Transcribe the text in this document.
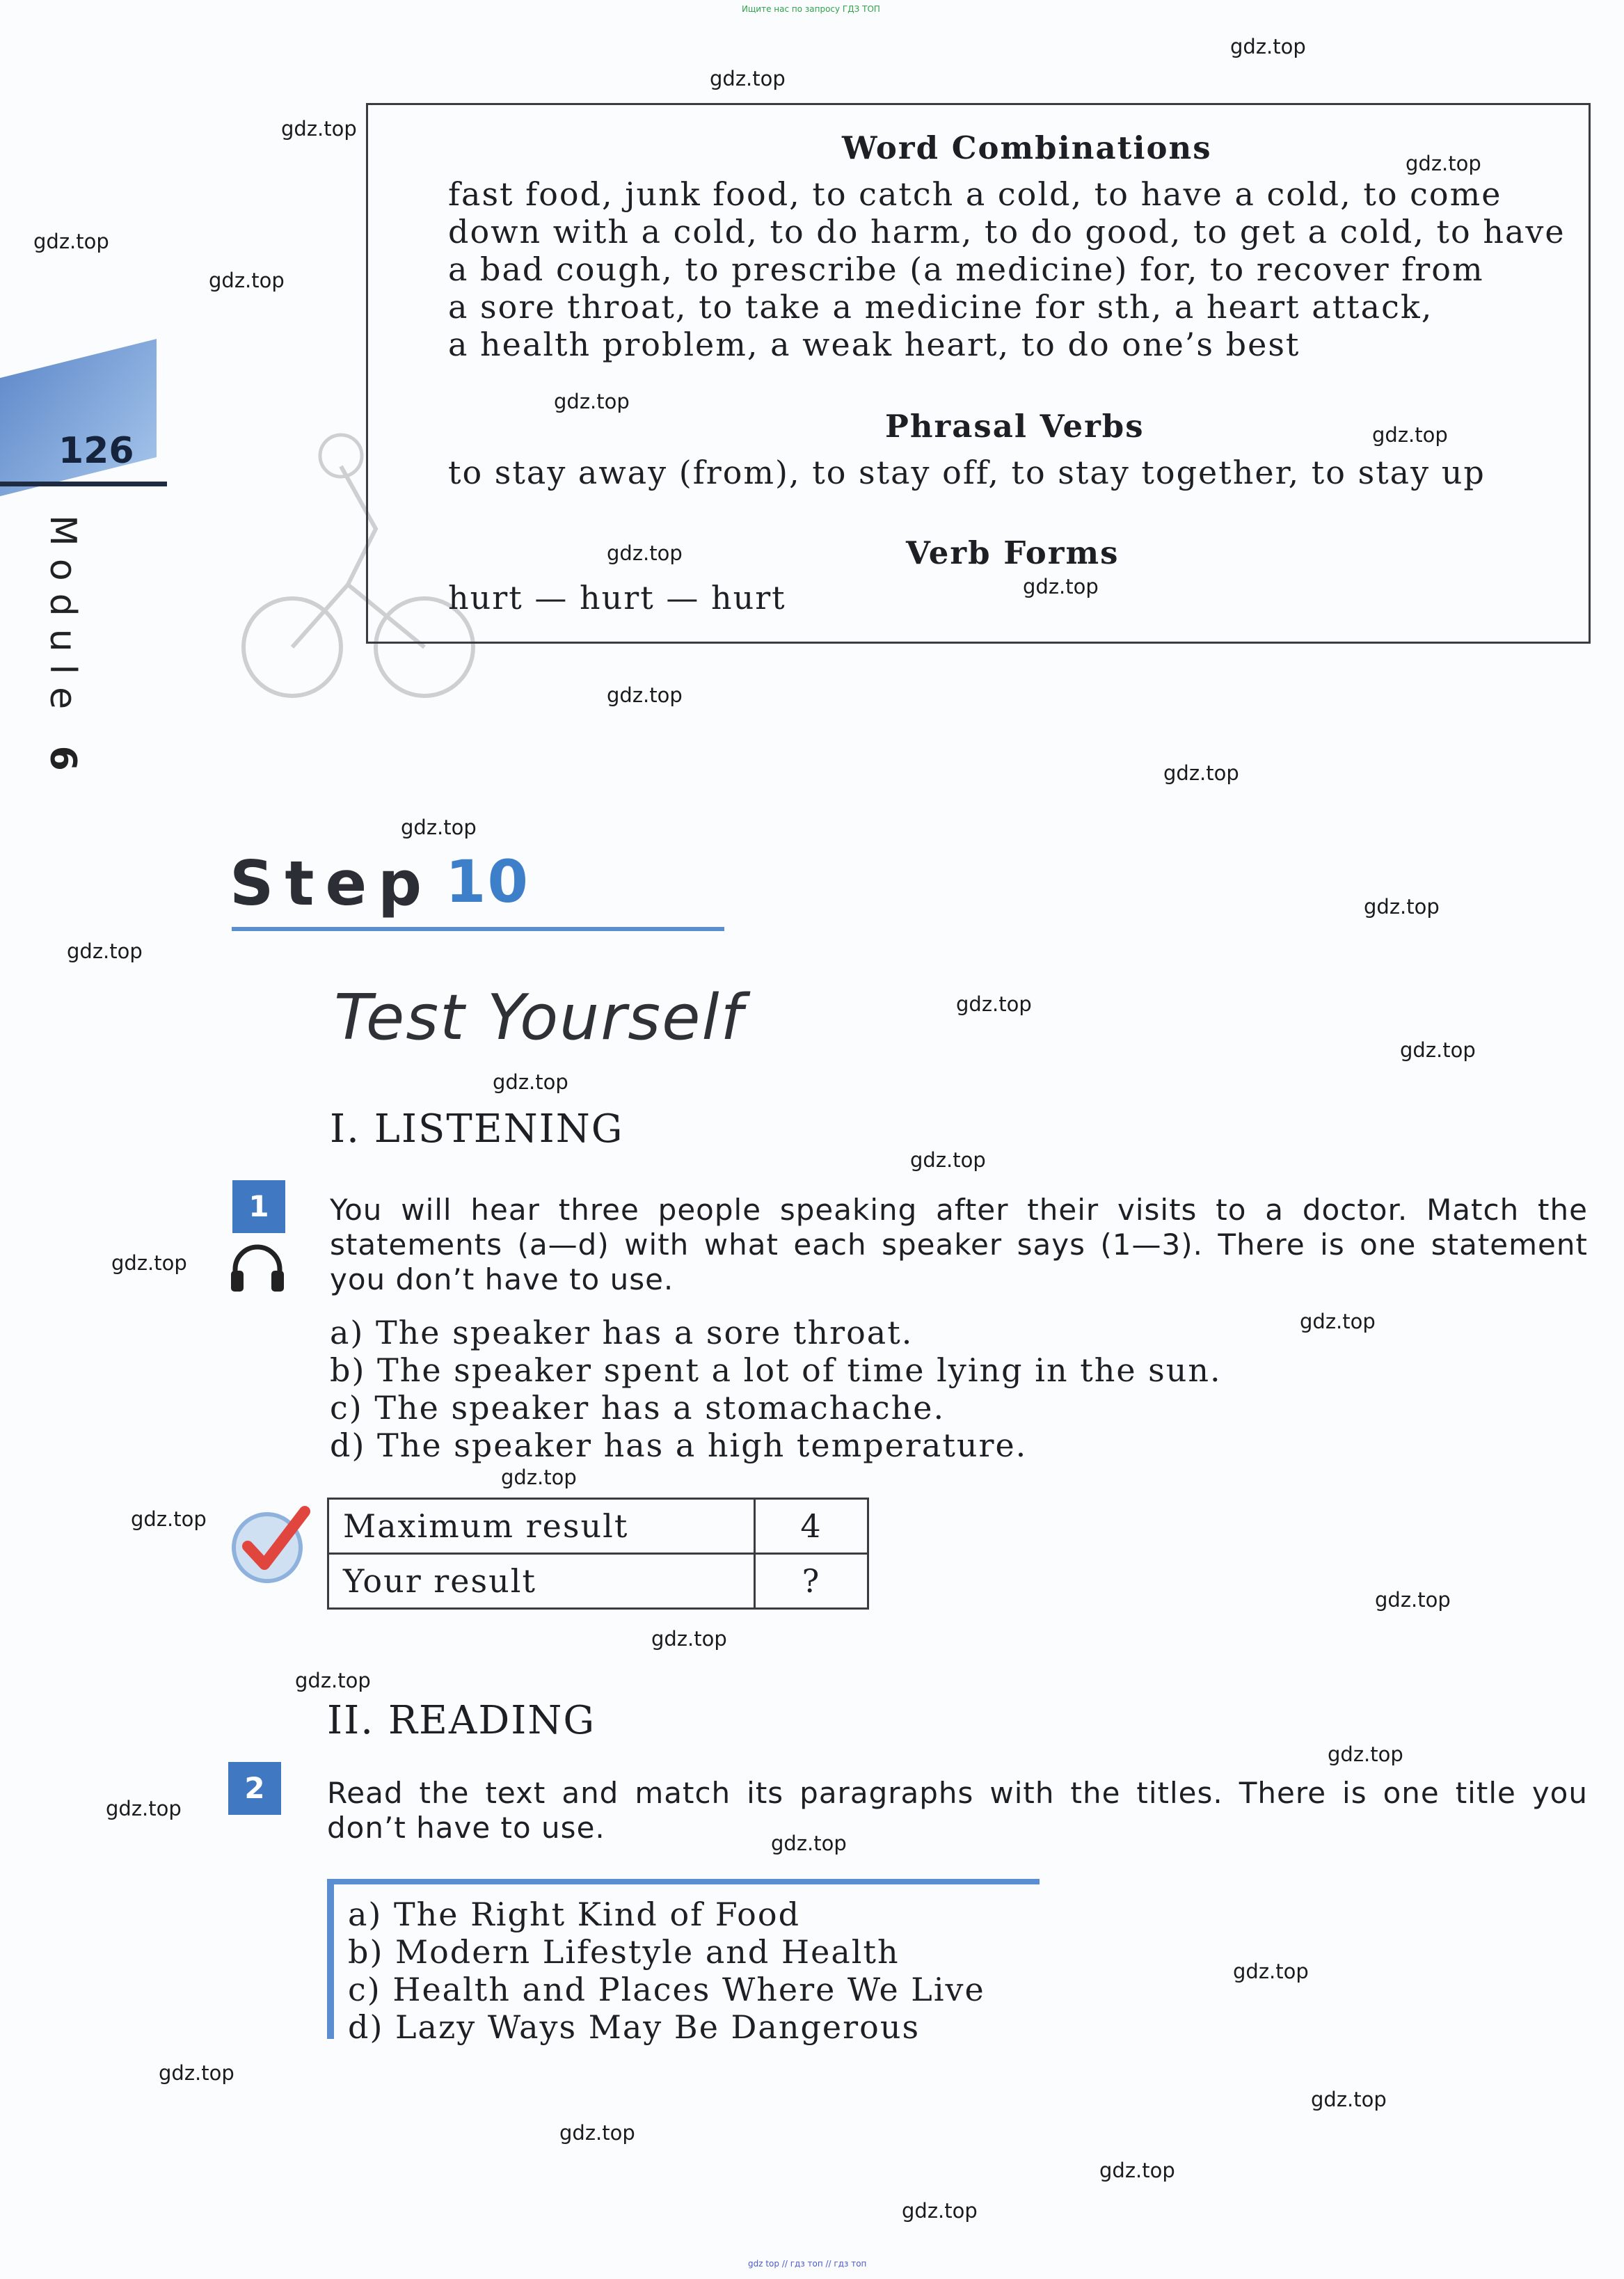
Ищите нас по запросу ГДЗ ТОП
gdz top // гдз топ // гдз топ
126
Module 6
Word Combinations
fast food, junk food, to catch a cold, to have a cold, to come
down with a cold, to do harm, to do good, to get a cold, to have
a bad cough, to prescribe (a medicine) for, to recover from
a sore throat, to take a medicine for sth, a heart attack,
a health problem, a weak heart, to do one’s best
Phrasal Verbs
to stay away (from), to stay off, to stay together, to stay up
Verb Forms
hurt — hurt — hurt
Step 10
Test Yourself
I. LISTENING
1	You will hear three people speaking after their visits to a doctor. Match the statements (a—d) with what each speaker says (1—3). There is one statement you don’t have to use.
a) The speaker has a sore throat.
b) The speaker spent a lot of time lying in the sun.
c) The speaker has a stomachache.
d) The speaker has a high temperature.
Maximum result	4
Your result	?
II. READING
2	Read the text and match its paragraphs with the titles. There is one title you don’t have to use.
a) The Right Kind of Food
b) Modern Lifestyle and Health
c) Health and Places Where We Live
d) Lazy Ways May Be Dangerous
gdz.top
gdz.top
gdz.top
gdz.top
gdz.top
gdz.top
gdz.top
gdz.top
gdz.top
gdz.top
gdz.top
gdz.top
gdz.top
gdz.top
gdz.top
gdz.top
gdz.top
gdz.top
gdz.top
gdz.top
gdz.top
gdz.top
gdz.top
gdz.top
gdz.top
gdz.top
gdz.top
gdz.top
gdz.top
gdz.top
gdz.top
gdz.top
gdz.top
gdz.top
gdz.top
